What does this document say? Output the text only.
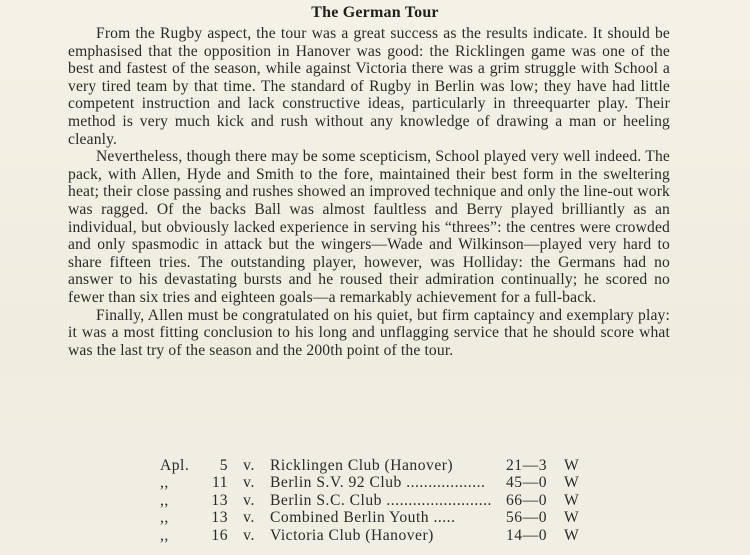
The German Tour

From the Rugby aspect, the tour was a great success as the results indicate. It should be emphasised that the opposition in Hanover was good: the Ricklingen game was one of the best and fastest of the season, while against Victoria there was a grim struggle with School a very tired team by that time. The standard of Rugby in Berlin was low; they have had little competent instruction and lack constructive ideas, particularly in threequarter play. Their method is very much kick and rush without any knowledge of drawing a man or heeling cleanly.

Nevertheless, though there may be some scepticism, School played very well indeed. The pack, with Allen, Hyde and Smith to the fore, maintained their best form in the sweltering heat; their close passing and rushes showed an improved technique and only the line-out work was ragged. Of the backs Ball was almost faultless and Berry played brilliantly as an individual, but obviously lacked experience in serving his “threes”: the centres were crowded and only spasmodic in attack but the wingers—Wade and Wilkinson—played very hard to share fifteen tries. The outstanding player, however, was Holliday: the Germans had no answer to his devastating bursts and he roused their admiration continually; he scored no fewer than six tries and eighteen goals—a remarkably achievement for a full-back.

Finally, Allen must be congratulated on his quiet, but firm captaincy and exemplary play: it was a most fitting conclusion to his long and unflagging service that he should score what was the last try of the season and the 200th point of the tour.

Apl.	5 v. Ricklingen Club (Hanover)	21—3	W
,,	11 v. Berlin S.V. 92 Club ..................	45—0	W
,,	13 v. Berlin S.C. Club ........................ 66—0	W
,,	13 v. Combined Berlin Youth .....	56—0	W
,,	16 v. Victoria Club (Hanover)	14—0	W
